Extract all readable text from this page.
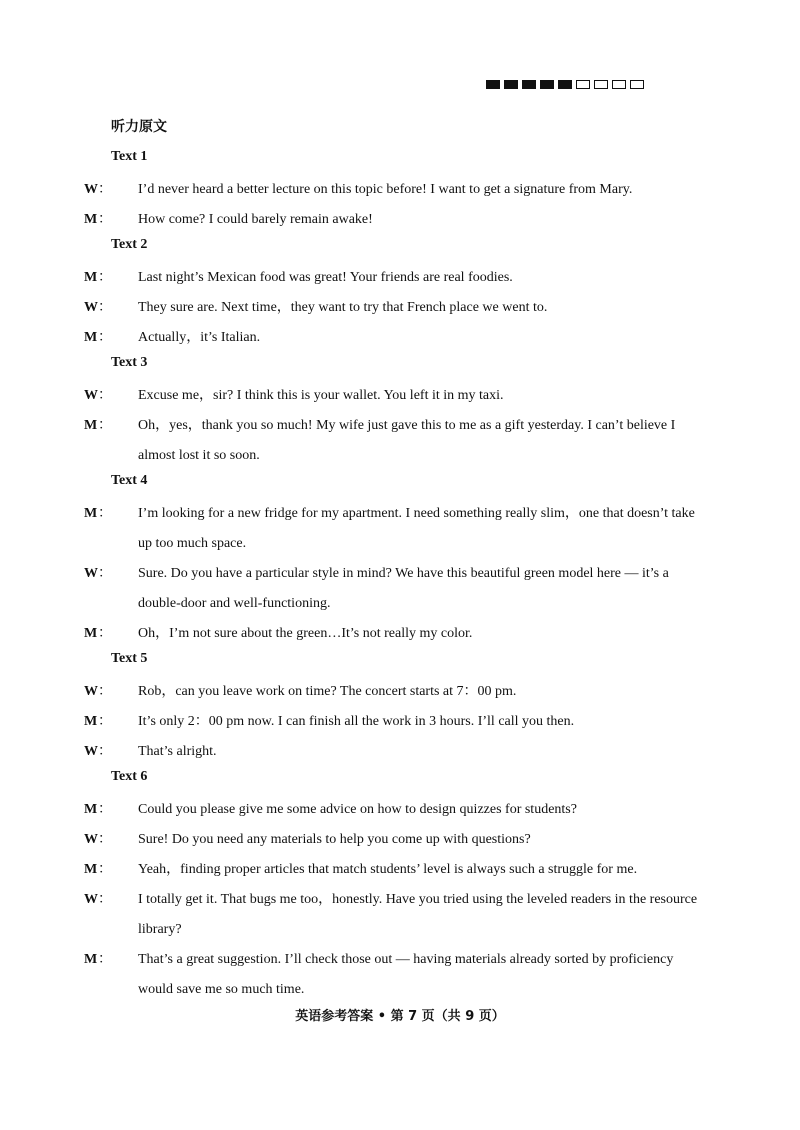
听力原文
Text 1
W： I’d never heard a better lecture on this topic before! I want to get a signature from Mary.
M： How come? I could barely remain awake!
Text 2
M： Last night’s Mexican food was great! Your friends are real foodies.
W： They sure are. Next time，they want to try that French place we went to.
M： Actually，it’s Italian.
Text 3
W： Excuse me，sir? I think this is your wallet. You left it in my taxi.
M： Oh，yes，thank you so much! My wife just gave this to me as a gift yesterday. I can’t believe I almost lost it so soon.
Text 4
M： I’m looking for a new fridge for my apartment. I need something really slim，one that doesn’t take up too much space.
W： Sure. Do you have a particular style in mind? We have this beautiful green model here — it’s a double-door and well-functioning.
M： Oh，I’m not sure about the green…It’s not really my color.
Text 5
W： Rob，can you leave work on time? The concert starts at 7：00 pm.
M： It’s only 2：00 pm now. I can finish all the work in 3 hours. I’ll call you then.
W： That’s alright.
Text 6
M： Could you please give me some advice on how to design quizzes for students?
W： Sure! Do you need any materials to help you come up with questions?
M： Yeah，finding proper articles that match students’ level is always such a struggle for me.
W： I totally get it. That bugs me too，honestly. Have you tried using the leveled readers in the resource library?
M： That’s a great suggestion. I’ll check those out — having materials already sorted by proficiency would save me so much time.
英语参考答案 • 第 7 页（共 9 页）
